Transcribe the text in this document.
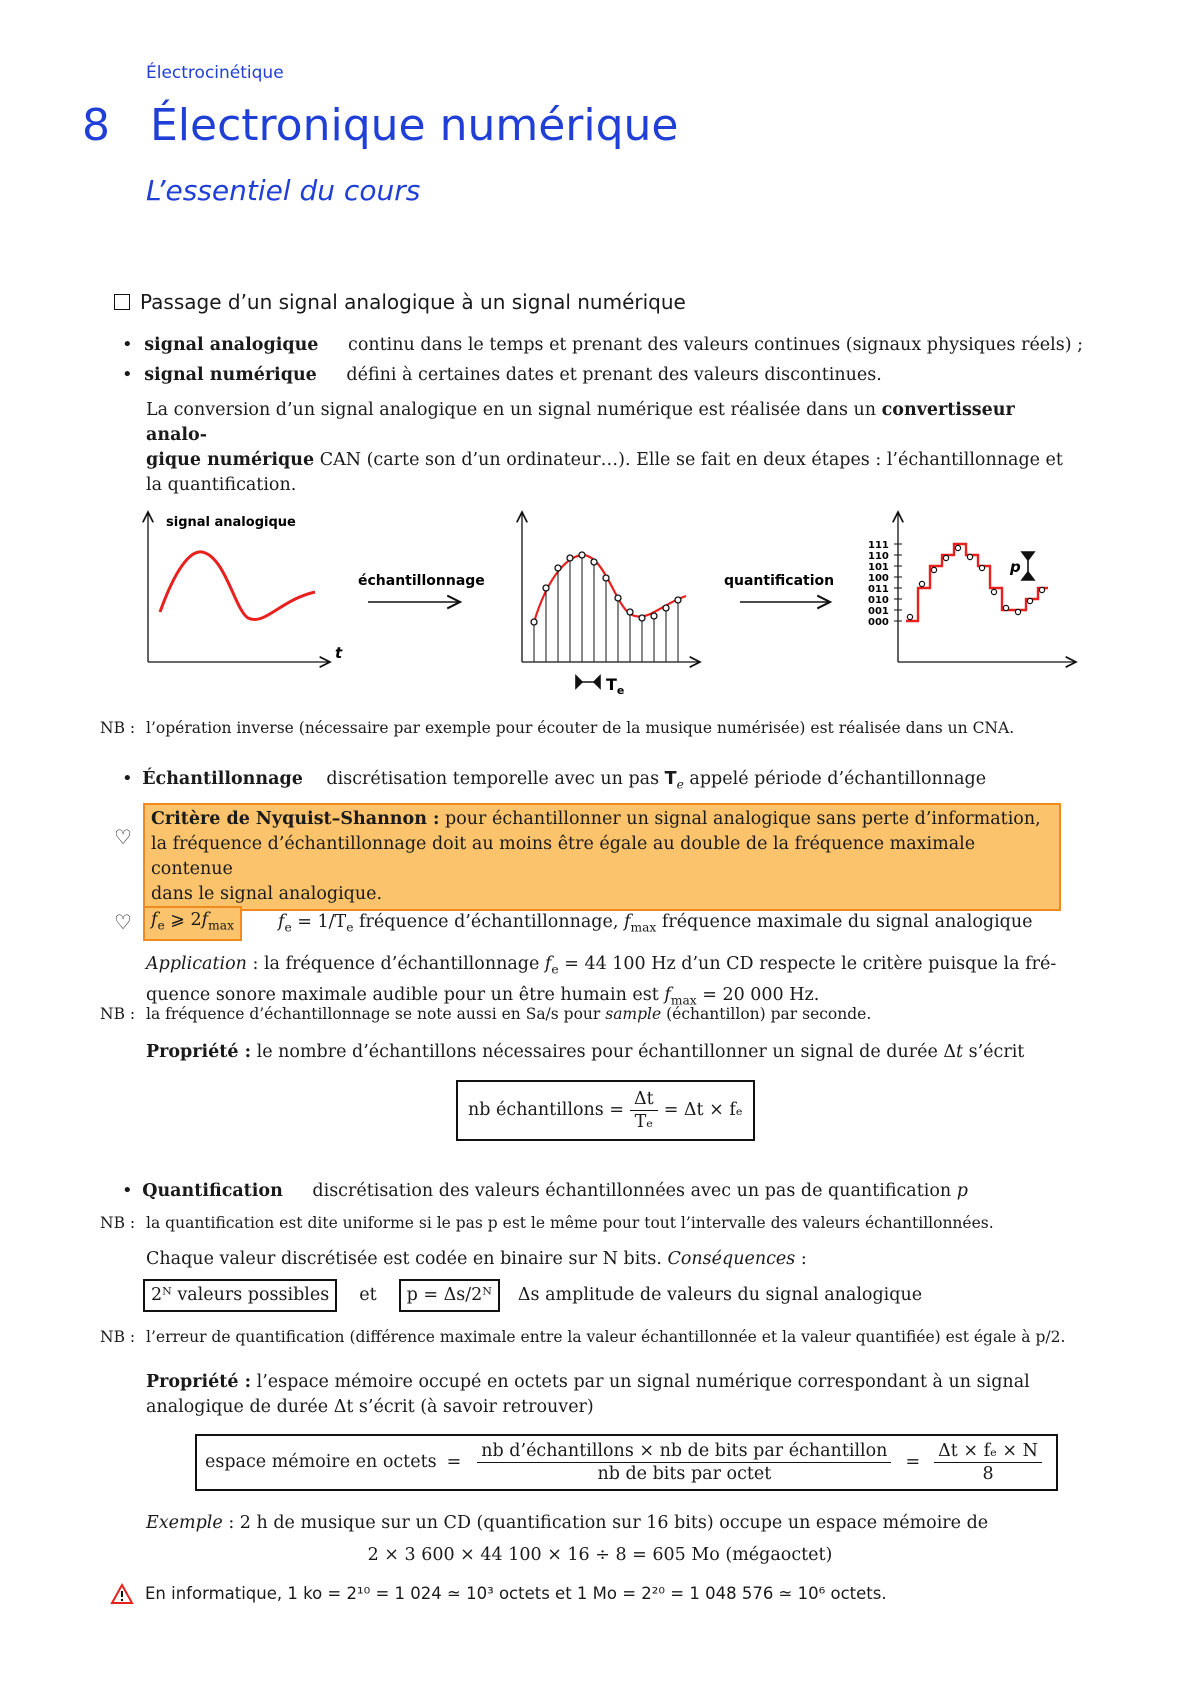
Électrocinétique
8 Électronique numérique
L’essentiel du cours
Passage d’un signal analogique à un signal numérique
• signal analogique continu dans le temps et prenant des valeurs continues (signaux physiques réels) ;
• signal numérique défini à certaines dates et prenant des valeurs discontinues.
La conversion d’un signal analogique en un signal numérique est réalisée dans un convertisseur analo-
gique numérique CAN (carte son d’un ordinateur…). Elle se fait en deux étapes : l’échantillonnage et
la quantification.
signal analogique
t
échantillonnage
$T_e$
quantification
111
110
101
100
011
010
001
000
p
NB : l’opération inverse (nécessaire par exemple pour écouter de la musique numérisée) est réalisée dans un CNA.
• Échantillonnage discrétisation temporelle avec un pas $T_e$ appelé période d’échantillonnage
♡
Critère de Nyquist–Shannon : pour échantillonner un signal analogique sans perte d’information,
la fréquence d’échantillonnage doit au moins être égale au double de la fréquence maximale contenue
dans le signal analogique.
♡	$f_e$ ⩾ $2f_{max}$	$f_e = 1/T_e$ fréquence d’échantillonnage, $f_{max}$ fréquence maximale du signal analogique
Application : la fréquence d’échantillonnage $f_e = 44$ 100 Hz d’un CD respecte le critère puisque la fré-
quence sonore maximale audible pour un être humain est $f_{max} = 20$ 000 Hz.
NB : la fréquence d’échantillonnage se note aussi en Sa/s pour sample (échantillon) par seconde.
Propriété : le nombre d’échantillons nécessaires pour échantillonner un signal de durée Δt s’écrit
nb échantillons = $\frac{\Delta t}{\text{Tₑ}} = \Delta t \times f_e$
• Quantification discrétisation des valeurs échantillonnées avec un pas de quantification p
NB : la quantification est dite uniforme si le pas p est le même pour tout l’intervalle des valeurs échantillonnées.
Chaque valeur discrétisée est codée en binaire sur N bits. Conséquences :
2ᴺ valeurs possibles	et	p = Δs/2ᴺ	Δs amplitude de valeurs du signal analogique
NB : l’erreur de quantification (différence maximale entre la valeur échantillonnée et la valeur quantifiée) est égale à p/2.
Propriété : l’espace mémoire occupé en octets par un signal numérique correspondant à un signal
analogique de durée Δt s’écrit (à savoir retrouver)
espace mémoire en octets = $\frac{\text{nb d’échantillons × nb de bits par échantillon}}{\text{nb de bits par octet}} = \frac{\text{Δt × fₑ × N}}{8}$
Exemple : 2 h de musique sur un CD (quantification sur 16 bits) occupe un espace mémoire de
2 × 3 600 × 44 100 × 16 ÷ 8 = 605 Mo (mégaoctet)
En informatique, 1 ko = 2¹⁰ = 1 024 ≃ 10³ octets et 1 Mo = 2²⁰ = 1 048 576 ≃ 10⁶ octets.
